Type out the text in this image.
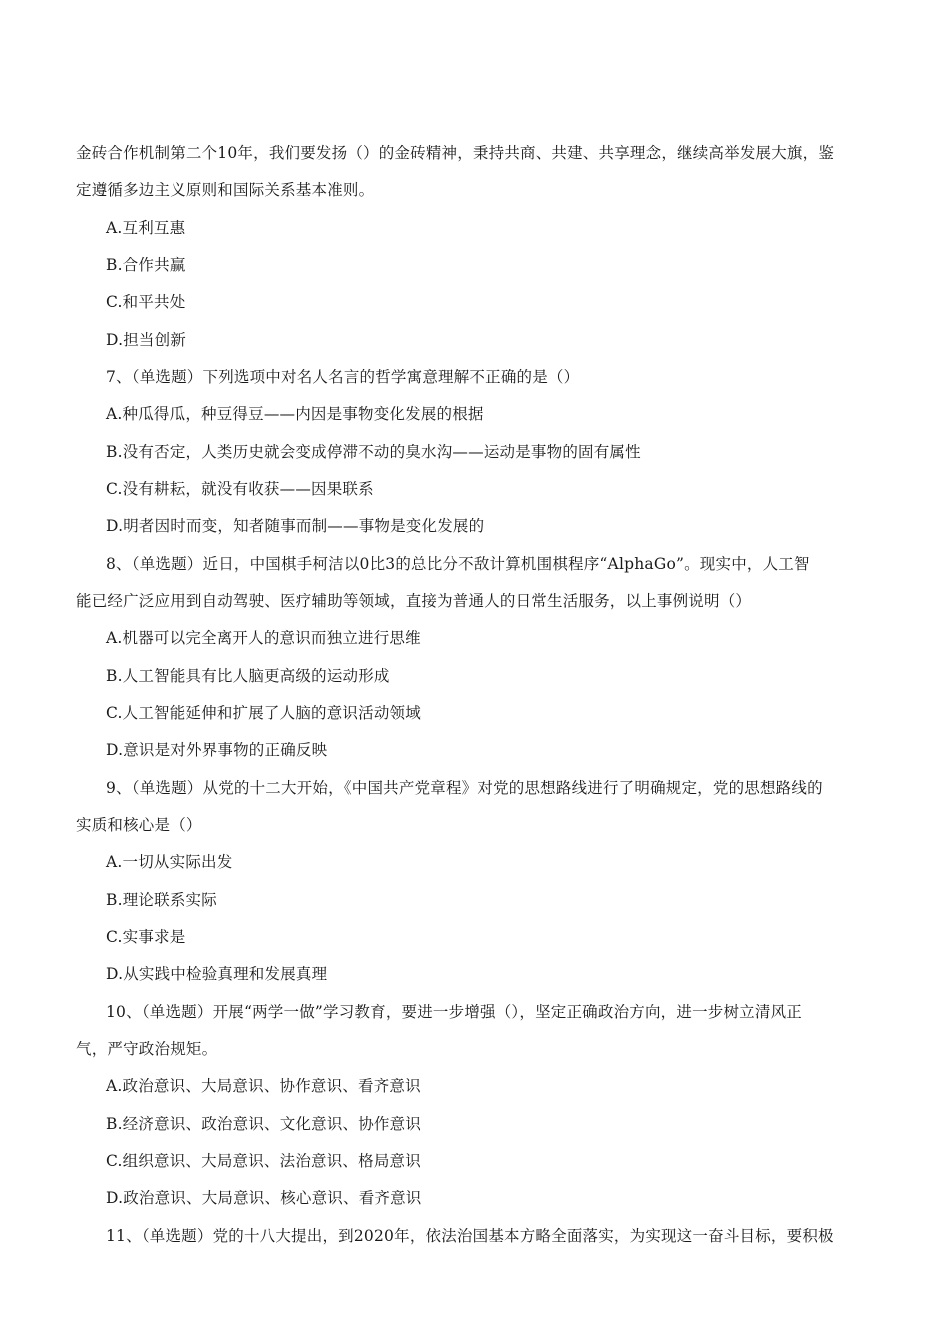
金砖合作机制第二个10年，我们要发扬（）的金砖精神，秉持共商、共建、共享理念，继续高举发展大旗，鉴
定遵循多边主义原则和国际关系基本准则。
A.互利互惠
B.合作共赢
C.和平共处
D.担当创新
7、（单选题）下列选项中对名人名言的哲学寓意理解不正确的是（）
A.种瓜得瓜，种豆得豆——内因是事物变化发展的根据
B.没有否定，人类历史就会变成停滞不动的臭水沟——运动是事物的固有属性
C.没有耕耘，就没有收获——因果联系
D.明者因时而变，知者随事而制——事物是变化发展的
8、（单选题）近日，中国棋手柯洁以0比3的总比分不敌计算机围棋程序“AlphaGo”。现实中，人工智
能已经广泛应用到自动驾驶、医疗辅助等领域，直接为普通人的日常生活服务，以上事例说明（）
A.机器可以完全离开人的意识而独立进行思维
B.人工智能具有比人脑更高级的运动形成
C.人工智能延伸和扩展了人脑的意识活动领域
D.意识是对外界事物的正确反映
9、（单选题）从党的十二大开始，《中国共产党章程》对党的思想路线进行了明确规定，党的思想路线的
实质和核心是（）
A.一切从实际出发
B.理论联系实际
C.实事求是
D.从实践中检验真理和发展真理
10、（单选题）开展“两学一做”学习教育，要进一步增强（），坚定正确政治方向，进一步树立清风正
气，严守政治规矩。
A.政治意识、大局意识、协作意识、看齐意识
B.经济意识、政治意识、文化意识、协作意识
C.组织意识、大局意识、法治意识、格局意识
D.政治意识、大局意识、核心意识、看齐意识
11、（单选题）党的十八大提出，到2020年，依法治国基本方略全面落实，为实现这一奋斗目标，要积极
